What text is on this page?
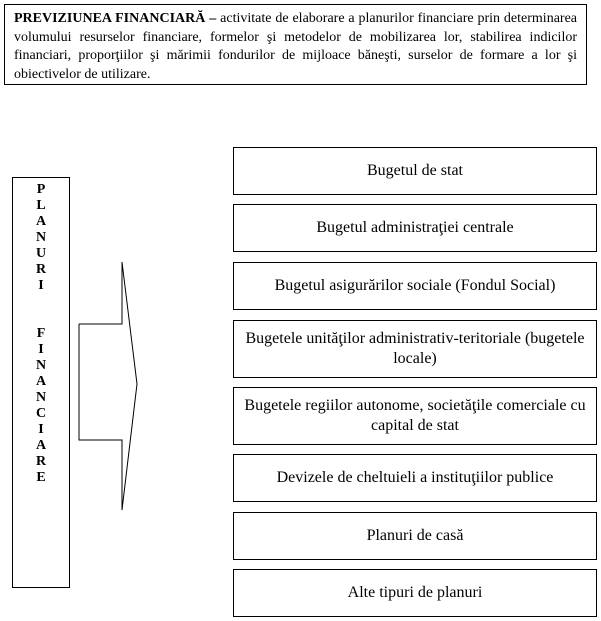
PREVIZIUNEA FINANCIARĂ – activitate de elaborare a planurilor financiare prin determinarea volumului resurselor financiare, formelor şi metodelor de mobilizarea lor, stabilirea indicilor financiari, proporţiilor şi mărimii fondurilor de mijloace băneşti, surselor de formare a lor şi obiectivelor de utilizare.
P
L
A
N
U
R
I
F
I
N
A
N
C
I
A
R
E
Bugetul de stat
Bugetul administraţiei centrale
Bugetul asigurărilor sociale (Fondul Social)
Bugetele unităţilor administrativ-teritoriale (bugetele locale)
Bugetele regiilor autonome, societăţile comerciale cu capital de stat
Devizele de cheltuieli a instituţiilor publice
Planuri de casă
Alte tipuri de planuri
